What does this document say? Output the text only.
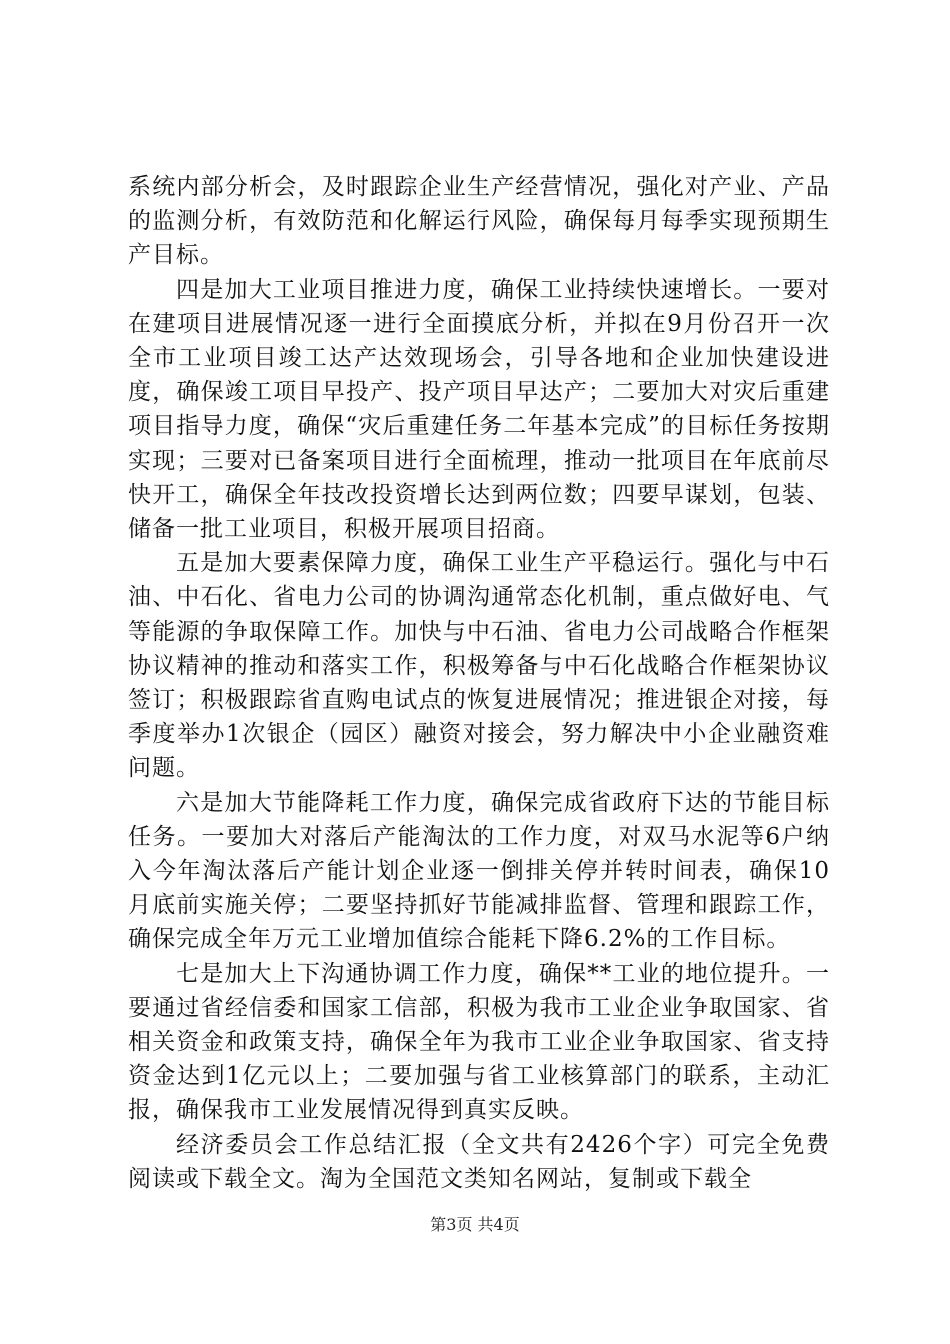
系统内部分析会，及时跟踪企业生产经营情况，强化对产业、产品的监测分析，有效防范和化解运行风险，确保每月每季实现预期生产目标。

四是加大工业项目推进力度，确保工业持续快速增长。一要对在建项目进展情况逐一进行全面摸底分析，并拟在9月份召开一次全市工业项目竣工达产达效现场会，引导各地和企业加快建设进度，确保竣工项目早投产、投产项目早达产；二要加大对灾后重建项目指导力度，确保“灾后重建任务二年基本完成”的目标任务按期实现；三要对已备案项目进行全面梳理，推动一批项目在年底前尽快开工，确保全年技改投资增长达到两位数；四要早谋划，包装、储备一批工业项目，积极开展项目招商。

五是加大要素保障力度，确保工业生产平稳运行。强化与中石油、中石化、省电力公司的协调沟通常态化机制，重点做好电、气等能源的争取保障工作。加快与中石油、省电力公司战略合作框架协议精神的推动和落实工作，积极筹备与中石化战略合作框架协议签订；积极跟踪省直购电试点的恢复进展情况；推进银企对接，每季度举办1次银企（园区）融资对接会，努力解决中小企业融资难问题。

六是加大节能降耗工作力度，确保完成省政府下达的节能目标任务。一要加大对落后产能淘汰的工作力度，对双马水泥等6户纳入今年淘汰落后产能计划企业逐一倒排关停并转时间表，确保10月底前实施关停；二要坚持抓好节能减排监督、管理和跟踪工作，确保完成全年万元工业增加值综合能耗下降6.2%的工作目标。

七是加大上下沟通协调工作力度，确保**工业的地位提升。一要通过省经信委和国家工信部，积极为我市工业企业争取国家、省相关资金和政策支持，确保全年为我市工业企业争取国家、省支持资金达到1亿元以上；二要加强与省工业核算部门的联系，主动汇报，确保我市工业发展情况得到真实反映。

经济委员会工作总结汇报（全文共有2426个字）可完全免费阅读或下载全文。淘为全国范文类知名网站，复制或下载全

第3页 共4页
